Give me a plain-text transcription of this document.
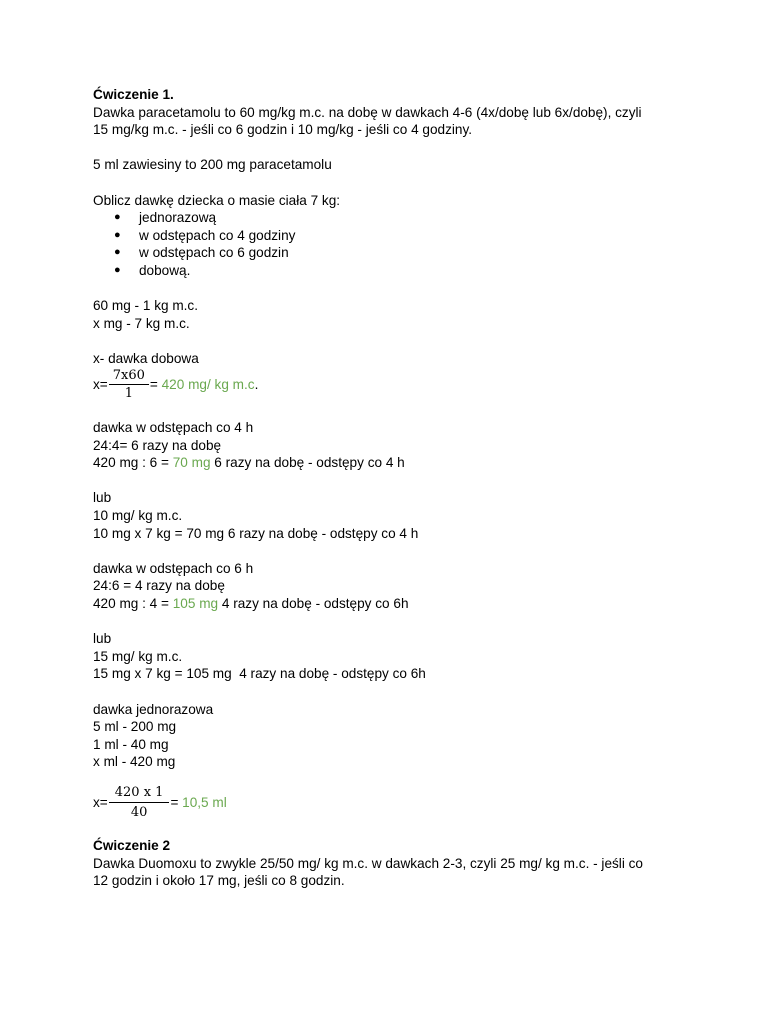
Ćwiczenie 1.
Dawka paracetamolu to 60 mg/kg m.c. na dobę w dawkach 4-6 (4x/dobę lub 6x/dobę), czyli
15 mg/kg m.c. - jeśli co 6 godzin i 10 mg/kg - jeśli co 4 godziny.
5 ml zawiesiny to 200 mg paracetamolu
Oblicz dawkę dziecka o masie ciała 7 kg:
● jednorazową
● w odstępach co 4 godziny
● w odstępach co 6 godzin
● dobową.
60 mg - 1 kg m.c.
x mg - 7 kg m.c.
x- dawka dobowa
$x= \frac{7x60}{1} = 420$ mg/ kg m.c .
dawka w odstępach co 4 h
24:4= 6 razy na dobę
420 mg : 6 = 70 mg 6 razy na dobę - odstępy co 4 h
lub
10 mg/ kg m.c.
10 mg x 7 kg = 70 mg 6 razy na dobę - odstępy co 4 h
dawka w odstępach co 6 h
24:6 = 4 razy na dobę
420 mg : 4 = 105 mg 4 razy na dobę - odstępy co 6h
lub
15 mg/ kg m.c.
15 mg x 7 kg = 105 mg  4 razy na dobę - odstępy co 6h
dawka jednorazowa
5 ml - 200 mg
1 ml - 40 mg
x ml - 420 mg
$x= \frac{420 x 1}{40} = 10,5$ ml
Ćwiczenie 2
Dawka Duomoxu to zwykle 25/50 mg/ kg m.c. w dawkach 2-3, czyli 25 mg/ kg m.c. - jeśli co
12 godzin i około 17 mg, jeśli co 8 godzin.
